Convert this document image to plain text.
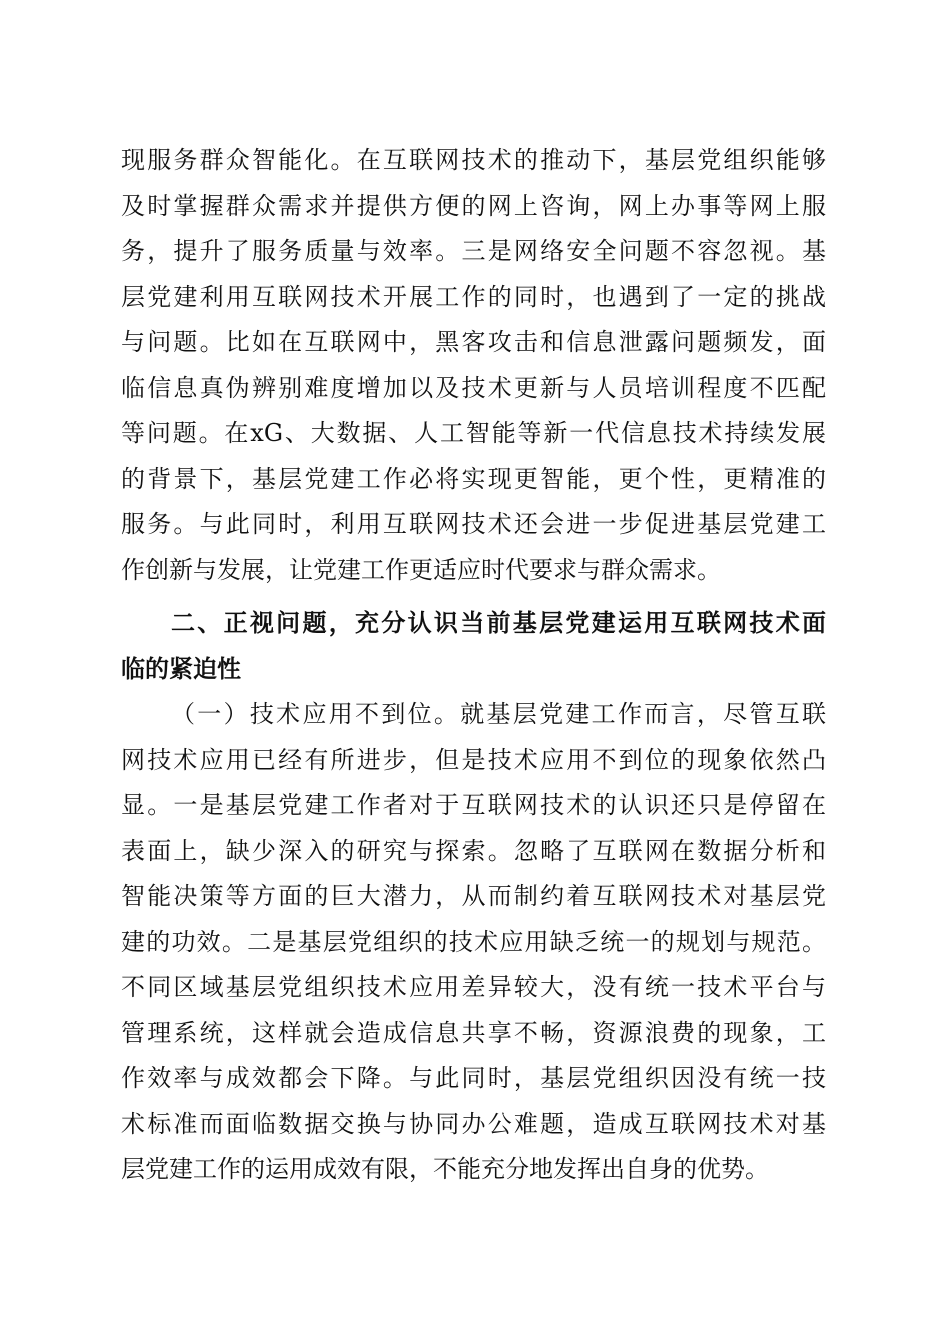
现服务群众智能化。在互联网技术的推动下，基层党组织能够
及时掌握群众需求并提供方便的网上咨询，网上办事等网上服
务，提升了服务质量与效率。三是网络安全问题不容忽视。基
层党建利用互联网技术开展工作的同时，也遇到了一定的挑战
与问题。比如在互联网中，黑客攻击和信息泄露问题频发，面
临信息真伪辨别难度增加以及技术更新与人员培训程度不匹配
等问题。在xG、大数据、人工智能等新一代信息技术持续发展
的背景下，基层党建工作必将实现更智能，更个性，更精准的
服务。与此同时，利用互联网技术还会进一步促进基层党建工
作创新与发展，让党建工作更适应时代要求与群众需求。
二、正视问题，充分认识当前基层党建运用互联网技术面
临的紧迫性
（一）技术应用不到位。就基层党建工作而言，尽管互联
网技术应用已经有所进步，但是技术应用不到位的现象依然凸
显。一是基层党建工作者对于互联网技术的认识还只是停留在
表面上，缺少深入的研究与探索。忽略了互联网在数据分析和
智能决策等方面的巨大潜力，从而制约着互联网技术对基层党
建的功效。二是基层党组织的技术应用缺乏统一的规划与规范。
不同区域基层党组织技术应用差异较大，没有统一技术平台与
管理系统，这样就会造成信息共享不畅，资源浪费的现象，工
作效率与成效都会下降。与此同时，基层党组织因没有统一技
术标准而面临数据交换与协同办公难题，造成互联网技术对基
层党建工作的运用成效有限，不能充分地发挥出自身的优势。
